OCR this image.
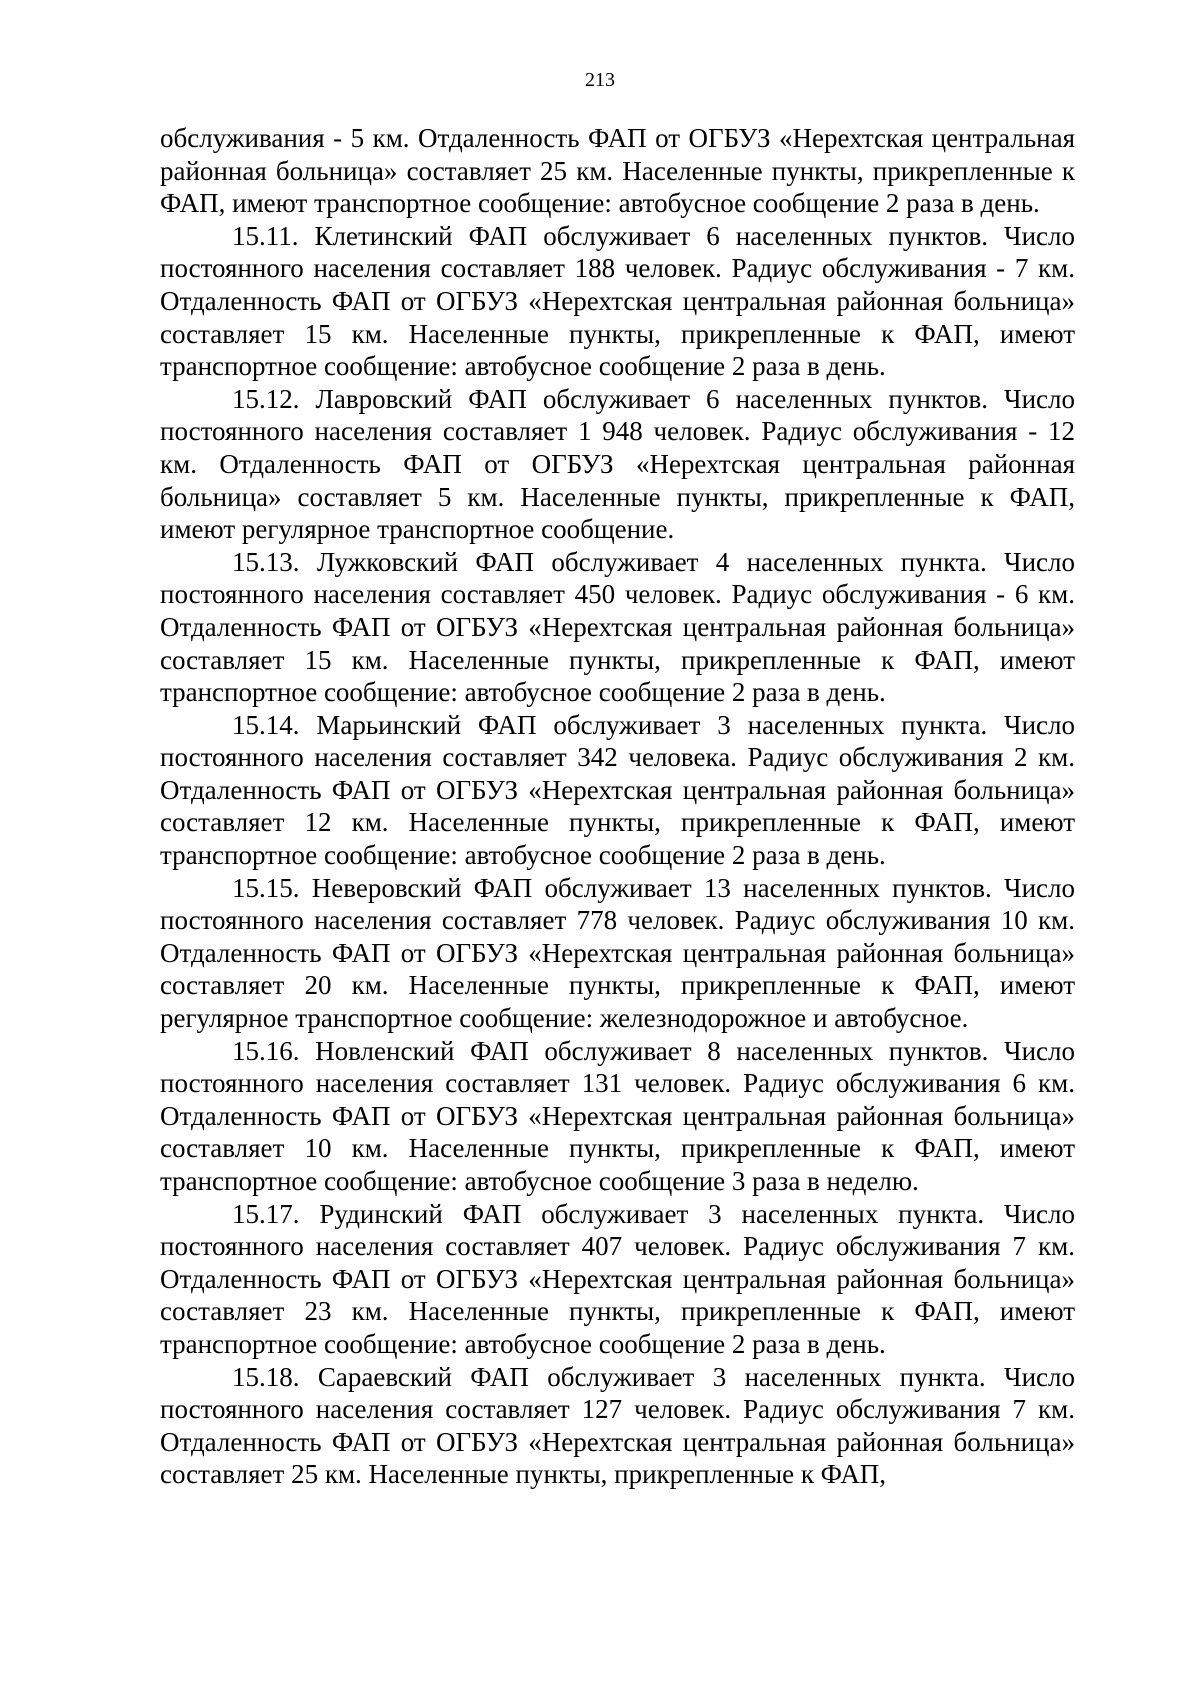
213

обслуживания - 5 км. Отдаленность ФАП от ОГБУЗ «Нерехтская центральная районная больница» составляет 25 км. Населенные пункты, прикрепленные к ФАП, имеют транспортное сообщение: автобусное сообщение 2 раза в день.

15.11. Клетинский ФАП обслуживает 6 населенных пунктов. Число постоянного населения составляет 188 человек. Радиус обслуживания - 7 км. Отдаленность ФАП от ОГБУЗ «Нерехтская центральная районная больница» составляет 15 км. Населенные пункты, прикрепленные к ФАП, имеют транспортное сообщение: автобусное сообщение 2 раза в день.

15.12. Лавровский ФАП обслуживает 6 населенных пунктов. Число постоянного населения составляет 1 948 человек. Радиус обслуживания - 12 км. Отдаленность ФАП от ОГБУЗ «Нерехтская центральная районная больница» составляет 5 км. Населенные пункты, прикрепленные к ФАП, имеют регулярное транспортное сообщение.

15.13. Лужковский ФАП обслуживает 4 населенных пункта. Число постоянного населения составляет 450 человек. Радиус обслуживания - 6 км. Отдаленность ФАП от ОГБУЗ «Нерехтская центральная районная больница» составляет 15 км. Населенные пункты, прикрепленные к ФАП, имеют транспортное сообщение: автобусное сообщение 2 раза в день.

15.14. Марьинский ФАП обслуживает 3 населенных пункта. Число постоянного населения составляет 342 человека. Радиус обслуживания 2 км. Отдаленность ФАП от ОГБУЗ «Нерехтская центральная районная больница» составляет 12 км. Населенные пункты, прикрепленные к ФАП, имеют транспортное сообщение: автобусное сообщение 2 раза в день.

15.15. Неверовский ФАП обслуживает 13 населенных пунктов. Число постоянного населения составляет 778 человек. Радиус обслуживания 10 км. Отдаленность ФАП от ОГБУЗ «Нерехтская центральная районная больница» составляет 20 км. Населенные пункты, прикрепленные к ФАП, имеют регулярное транспортное сообщение: железнодорожное и автобусное.

15.16. Новленский ФАП обслуживает 8 населенных пунктов. Число постоянного населения составляет 131 человек. Радиус обслуживания 6 км. Отдаленность ФАП от ОГБУЗ «Нерехтская центральная районная больница» составляет 10 км. Населенные пункты, прикрепленные к ФАП, имеют транспортное сообщение: автобусное сообщение 3 раза в неделю.

15.17. Рудинский ФАП обслуживает 3 населенных пункта. Число постоянного населения составляет 407 человек. Радиус обслуживания 7 км. Отдаленность ФАП от ОГБУЗ «Нерехтская центральная районная больница» составляет 23 км. Населенные пункты, прикрепленные к ФАП, имеют транспортное сообщение: автобусное сообщение 2 раза в день.

15.18. Сараевский ФАП обслуживает 3 населенных пункта. Число постоянного населения составляет 127 человек. Радиус обслуживания 7 км. Отдаленность ФАП от ОГБУЗ «Нерехтская центральная районная больница» составляет 25 км. Населенные пункты, прикрепленные к ФАП,
